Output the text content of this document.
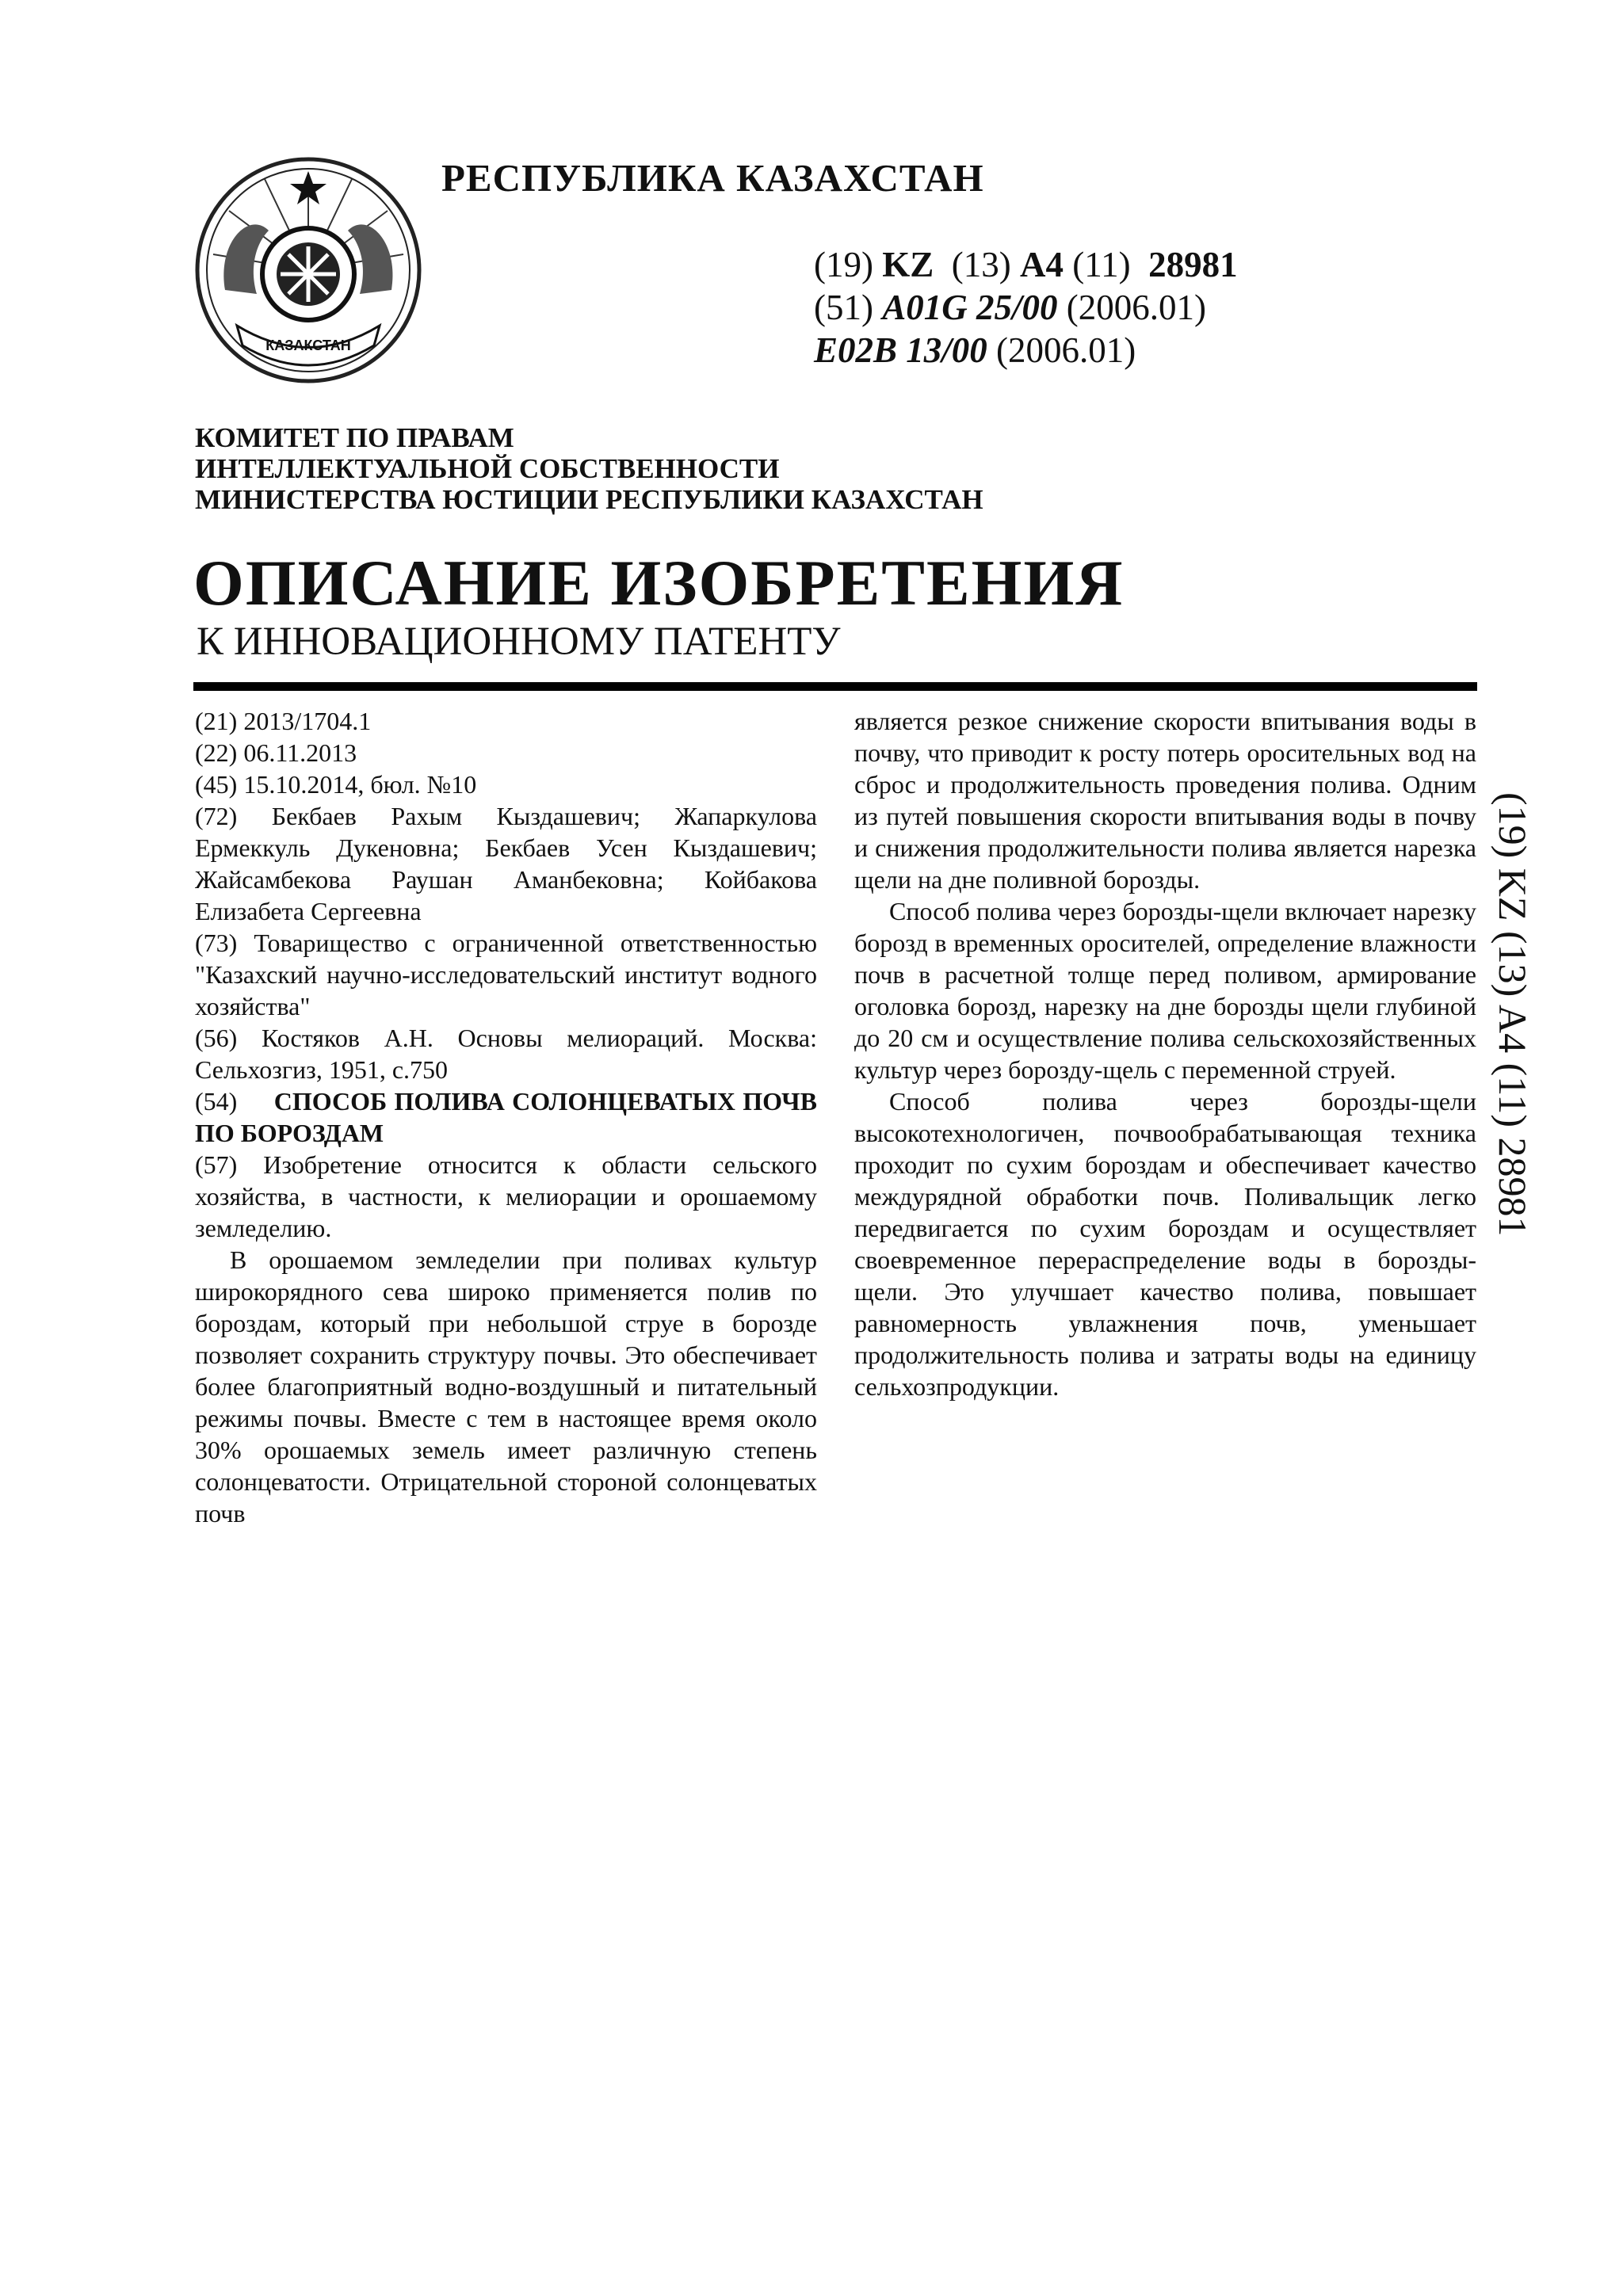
КАЗАКСТАН
РЕСПУБЛИКА КАЗАХСТАН
(19) KZ (13) A4 (11) 28981
(51) A01G 25/00 (2006.01)
E02B 13/00 (2006.01)
КОМИТЕТ ПО ПРАВАМ
ИНТЕЛЛЕКТУАЛЬНОЙ СОБСТВЕННОСТИ
МИНИСТЕРСТВА ЮСТИЦИИ РЕСПУБЛИКИ КАЗАХСТАН
ОПИСАНИЕ ИЗОБРЕТЕНИЯ
К ИННОВАЦИОННОМУ ПАТЕНТУ

(21) 2013/1704.1

(22) 06.11.2013

(45) 15.10.2014, бюл. №10

(72) Бекбаев Рахым Кыздашевич; Жапаркулова Ермеккуль Дукеновна; Бекбаев Усен Кыздашевич; Жайсамбекова Раушан Аманбековна; Койбакова Елизабета Сергеевна

(73) Товарищество с ограниченной ответственностью "Казахский научно-исследовательский институт водного хозяйства"

(56) Костяков А.Н. Основы мелиораций. Москва: Сельхозгиз, 1951, с.750

(54) СПОСОБ ПОЛИВА СОЛОНЦЕВАТЫХ ПОЧВ ПО БОРОЗДАМ

(57) Изобретение относится к области сельского хозяйства, в частности, к мелиорации и орошаемому земледелию.

В орошаемом земледелии при поливах культур широкорядного сева широко применяется полив по бороздам, который при небольшой струе в борозде позволяет сохранить структуру почвы. Это обеспечивает более благоприятный водно-воздушный и питательный режимы почвы. Вместе с тем в настоящее время около 30% орошаемых земель имеет различную степень солонцеватости. Отрицательной стороной солонцеватых почв

является резкое снижение скорости впитывания воды в почву, что приводит к росту потерь оросительных вод на сброс и продолжительность проведения полива. Одним из путей повышения скорости впитывания воды в почву и снижения продолжительности полива является нарезка щели на дне поливной борозды.

Способ полива через борозды-щели включает нарезку борозд в временных оросителей, определение влажности почв в расчетной толще перед поливом, армирование оголовка борозд, нарезку на дне борозды щели глубиной до 20 см и осуществление полива сельскохозяйственных культур через борозду-щель с переменной струей.

Способ полива через борозды-щели высокотехнологичен, почвообрабатывающая техника проходит по сухим бороздам и обеспечивает качество междурядной обработки почв. Поливальщик легко передвигается по сухим бороздам и осуществляет своевременное перераспределение воды в борозды- щели. Это улучшает качество полива, повышает равномерность увлажнения почв, уменьшает продолжительность полива и затраты воды на единицу сельхозпродукции.

(19) KZ (13) A4 (11) 28981
